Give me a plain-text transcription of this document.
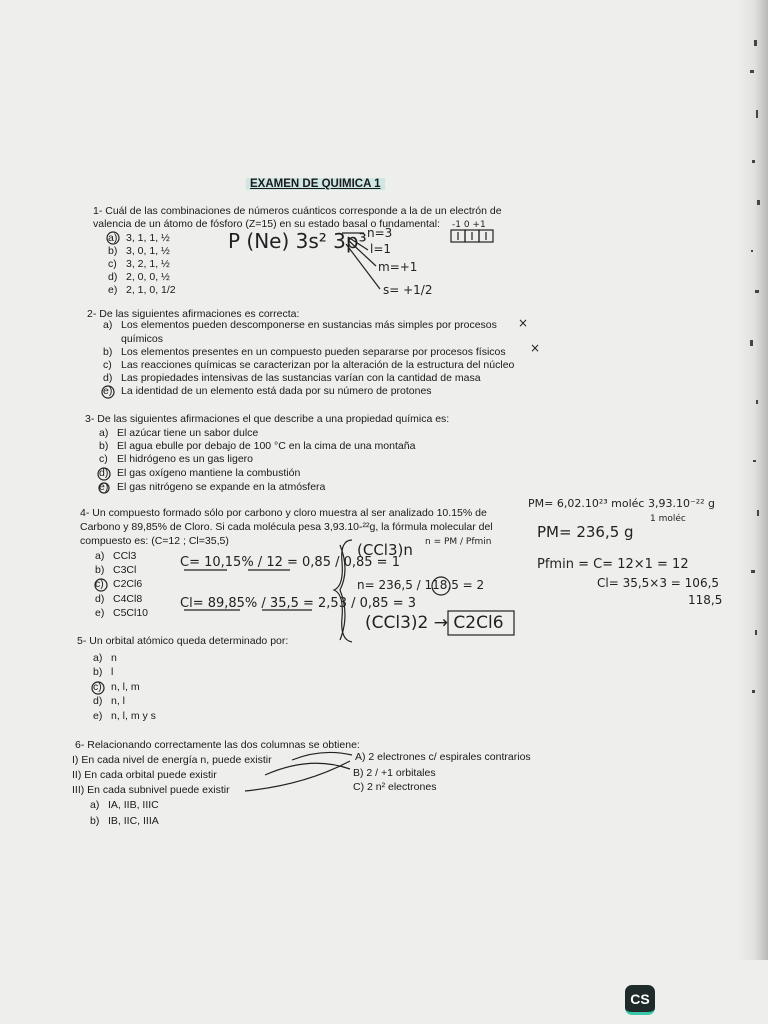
EXAMEN DE QUIMICA 1
1- Cuál de las combinaciones de números cuánticos corresponde a la de un electrón de
valencia de un átomo de fósforo (Z=15) en su estado basal o fundamental:
a) 3, 1, 1, ½
b) 3, 0, 1, ½
c) 3, 2, 1, ½
d) 2, 0, 0, ½
e) 2, 1, 0, 1/2
P (Ne) 3s² 3p³ n=3
l=1
m=+1
s= +1/2
-1 0 +1
2- De las siguientes afirmaciones es correcta:
a) Los elementos pueden descomponerse en sustancias más simples por procesos
químicos
b) Los elementos presentes en un compuesto pueden separarse por procesos físicos
c) Las reacciones químicas se caracterizan por la alteración de la estructura del núcleo
d) Las propiedades intensivas de las sustancias varían con la cantidad de masa
e) La identidad de un elemento está dada por su número de protones
×
×
3- De las siguientes afirmaciones el que describe a una propiedad química es:
a) El azúcar tiene un sabor dulce
b) El agua ebulle por debajo de 100 °C en la cima de una montaña
c) El hidrógeno es un gas ligero
d) El gas oxígeno mantiene la combustión
e) El gas nitrógeno se expande en la atmósfera
4- Un compuesto formado sólo por carbono y cloro muestra al ser analizado 10.15% de
Carbono y 89,85% de Cloro. Si cada molécula pesa 3,93.10-²²g, la fórmula molecular del
compuesto es: (C=12 ; Cl=35,5)
a) CCl3
b) C3Cl
c) C2Cl6
d) C4Cl8
e) C5Cl10
PM= 6,02.10²³ moléc 3,93.10⁻²² g
1 moléc
PM= 236,5 g
C= 10,15% / 12 = 0,85 / 0,85 = 1
Cl= 89,85% / 35,5 = 2,53 / 0,85 = 3
(CCl3)n n = PM / Pfmin
n= 236,5 / 118,5 = 2
(CCl3)2 → C2Cl6
Pfmin = C= 12×1 = 12
Cl= 35,5×3 = 106,5
118,5
5- Un orbital atómico queda determinado por:
a) n
b) l
c) n, l, m
d) n, l
e) n, l, m y s
6- Relacionando correctamente las dos columnas se obtiene:
I) En cada nivel de energía n, puede existir
II) En cada orbital puede existir
III) En cada subnivel puede existir
A) 2 electrones c/ espirales contrarios
B) 2 / +1 orbitales
C) 2 n² electrones
a) IA, IIB, IIIC
b) IB, IIC, IIIA
CS
